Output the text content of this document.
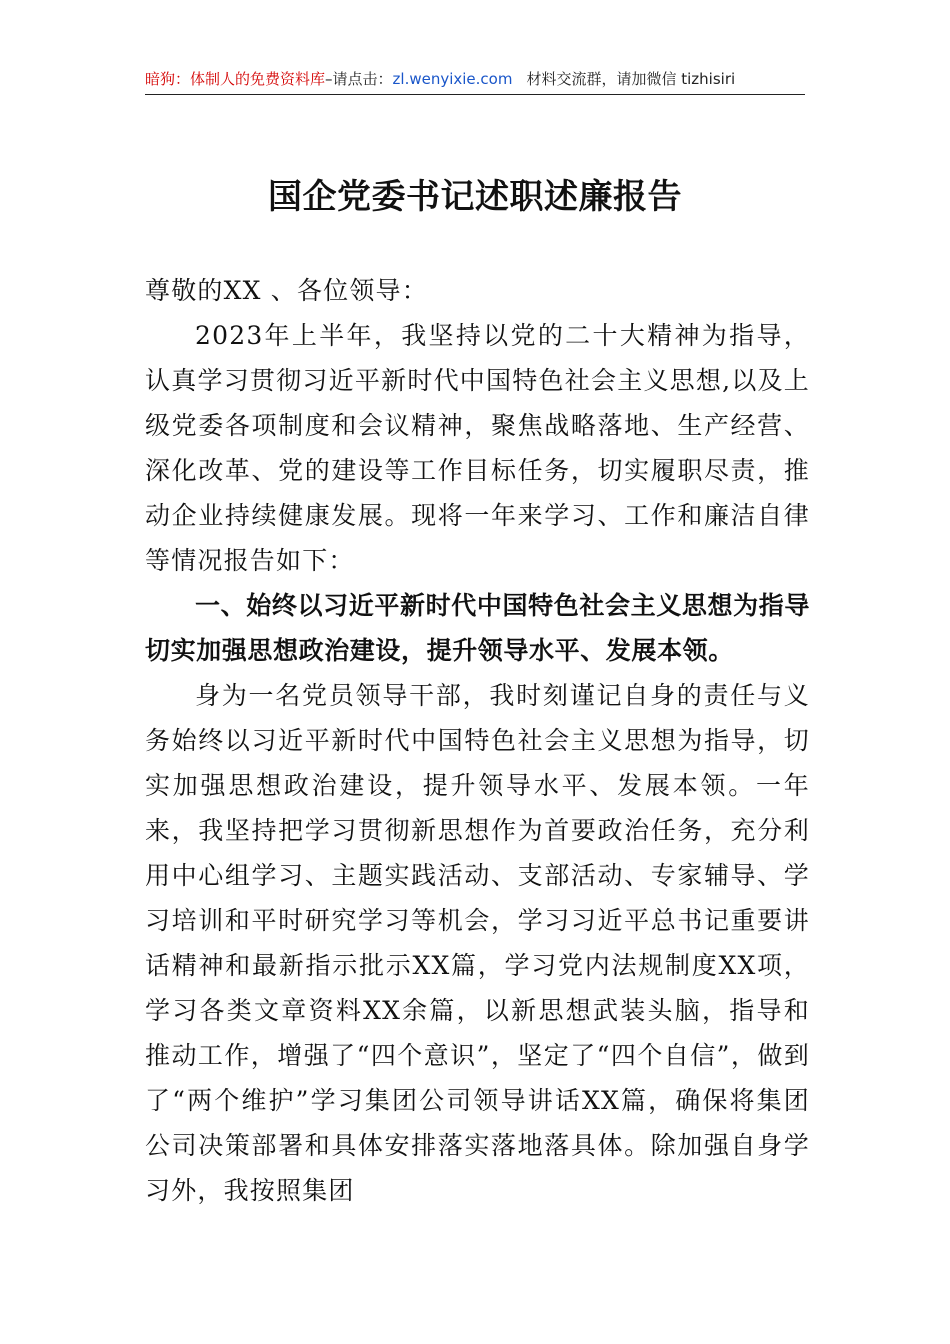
暗狗：体制人的免费资料库–请点击：zl.wenyixie.com 材料交流群，请加微信 tizhisiri
国企党委书记述职述廉报告

尊敬的XX 、各位领导：

2023年上半年，我坚持以党的二十大精神为指导，认真学习贯彻习近平新时代中国特色社会主义思想,以及上级党委各项制度和会议精神，聚焦战略落地、生产经营、深化改革、党的建设等工作目标任务，切实履职尽责，推动企业持续健康发展。现将一年来学习、工作和廉洁自律等情况报告如下：

一、始终以习近平新时代中国特色社会主义思想为指导切实加强思想政治建设，提升领导水平、发展本领。

身为一名党员领导干部，我时刻谨记自身的责任与义务始终以习近平新时代中国特色社会主义思想为指导，切实加强思想政治建设，提升领导水平、发展本领。一年来，我坚持把学习贯彻新思想作为首要政治任务，充分利用中心组学习、主题实践活动、支部活动、专家辅导、学习培训和平时研究学习等机会，学习习近平总书记重要讲话精神和最新指示批示XX篇，学习党内法规制度XX项，学习各类文章资料XX余篇，以新思想武装头脑，指导和推动工作，增强了“四个意识”，坚定了“四个自信”，做到了“两个维护”学习集团公司领导讲话XX篇，确保将集团公司决策部署和具体安排落实落地落具体。除加强自身学习外，我按照集团
